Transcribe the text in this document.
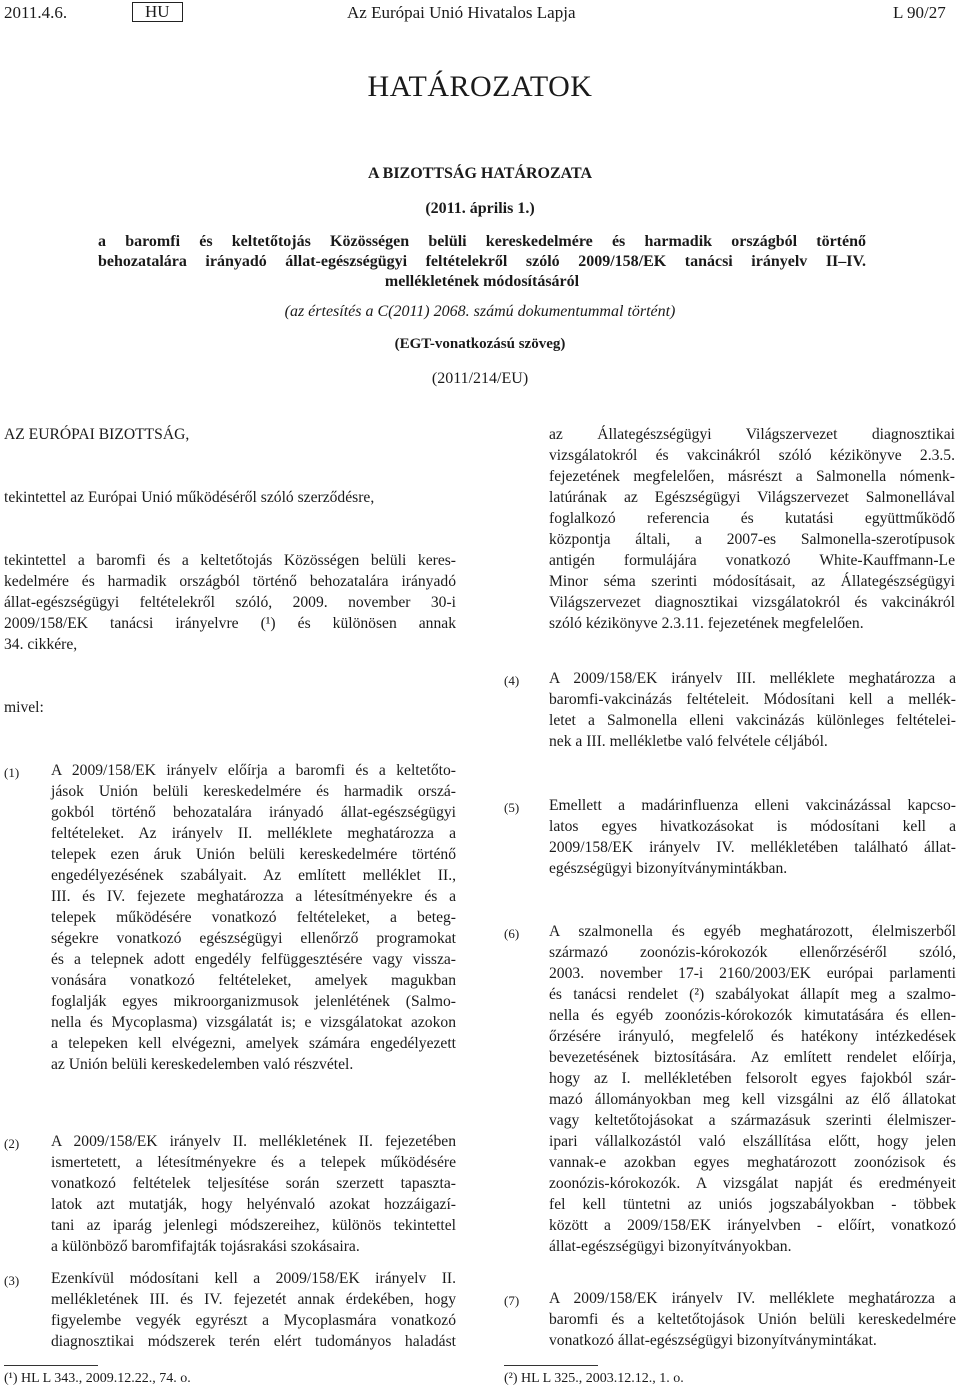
2011.4.6.	HU	Az Európai Unió Hivatalos Lapja	L 90/27
HATÁROZATOK
A BIZOTTSÁG HATÁROZATA
(2011. április 1.)
a baromfi és keltetőtojás Közösségen belüli kereskedelmére és harmadik országból történő
behozatalára irányadó állat-egészségügyi feltételekről szóló 2009/158/EK tanácsi irányelv II–IV.
mellékletének módosításáról
(az értesítés a C(2011) 2068. számú dokumentummal történt)
(EGT-vonatkozású szöveg)
(2011/214/EU)
AZ EURÓPAI BIZOTTSÁG,
tekintettel az Európai Unió működéséről szóló szerződésre,

tekintettel a baromfi és a keltetőtojás Közösségen belüli keres-

kedelmére és harmadik országból történő behozatalára irányadó

állat-egészségügyi feltételekről szóló, 2009. november 30-i

2009/158/EK tanácsi irányelvre (¹) és különösen annak

34. cikkére,

mivel:
(1) A 2009/158/EK irányelv előírja a baromfi és a keltetőto-

jások Unión belüli kereskedelmére és harmadik orszá-

gokból történő behozatalára irányadó állat-egészségügyi

feltételeket. Az irányelv II. melléklete meghatározza a

telepek ezen áruk Unión belüli kereskedelmére történő

engedélyezésének szabályait. Az említett melléklet II.,

III. és IV. fejezete meghatározza a létesítményekre és a

telepek működésére vonatkozó feltételeket, a beteg-

ségekre vonatkozó egészségügyi ellenőrző programokat

és a telepnek adott engedély felfüggesztésére vagy vissza-

vonására vonatkozó feltételeket, amelyek magukban

foglalják egyes mikroorganizmusok jelenlétének (Salmo-

nella és Mycoplasma) vizsgálatát is; e vizsgálatokat azokon

a telepeken kell elvégezni, amelyek számára engedélyezett

az Unión belüli kereskedelemben való részvétel.

(2) A 2009/158/EK irányelv II. mellékletének II. fejezetében

ismertetett, a létesítményekre és a telepek működésére

vonatkozó feltételek teljesítése során szerzett tapaszta-

latok azt mutatják, hogy helyénvaló azokat hozzáigazí-

tani az iparág jelenlegi módszereihez, különös tekintettel

a különböző baromfifajták tojásrakási szokásaira.

(3) Ezenkívül módosítani kell a 2009/158/EK irányelv II.

mellékletének III. és IV. fejezetét annak érdekében, hogy

figyelembe vegyék egyrészt a Mycoplasmára vonatkozó

diagnosztikai módszerek terén elért tudományos haladást

az Állategészségügyi Világszervezet diagnosztikai

vizsgálatokról és vakcinákról szóló kézikönyve 2.3.5.

fejezetének megfelelően, másrészt a Salmonella nómenk-

latúrának az Egészségügyi Világszervezet Salmonellával

foglalkozó referencia és kutatási együttműködő

központja általi, a 2007-es Salmonella-szerotípusok

antigén formulájára vonatkozó White-Kauffmann-Le

Minor séma szerinti módosításait, az Állategészségügyi

Világszervezet diagnosztikai vizsgálatokról és vakcinákról

szóló kézikönyve 2.3.11. fejezetének megfelelően.

(4) A 2009/158/EK irányelv III. melléklete meghatározza a

baromfi-vakcinázás feltételeit. Módosítani kell a mellék-

letet a Salmonella elleni vakcinázás különleges feltételei-

nek a III. mellékletbe való felvétele céljából.

(5) Emellett a madárinfluenza elleni vakcinázással kapcso-

latos egyes hivatkozásokat is módosítani kell a

2009/158/EK irányelv IV. mellékletében található állat-

egészségügyi bizonyítványmintákban.

(6) A szalmonella és egyéb meghatározott, élelmiszerből

származó zoonózis-kórokozók ellenőrzéséről szóló,

2003. november 17-i 2160/2003/EK európai parlamenti

és tanácsi rendelet (²) szabályokat állapít meg a szalmo-

nella és egyéb zoonózis-kórokozók kimutatására és ellen-

őrzésére irányuló, megfelelő és hatékony intézkedések

bevezetésének biztosítására. Az említett rendelet előírja,

hogy az I. mellékletében felsorolt egyes fajokból szár-

mazó állományokban meg kell vizsgálni az élő állatokat

vagy keltetőtojásokat a származásuk szerinti élelmiszer-

ipari vállalkozástól való elszállítása előtt, hogy jelen

vannak-e azokban egyes meghatározott zoonózisok és

zoonózis-kórokozók. A vizsgálat napját és eredményeit

fel kell tüntetni az uniós jogszabályokban - többek

között a 2009/158/EK irányelvben - előírt, vonatkozó

állat-egészségügyi bizonyítványokban.

(7) A 2009/158/EK irányelv IV. melléklete meghatározza a

baromfi és a keltetőtojások Unión belüli kereskedelmére

vonatkozó állat-egészségügyi bizonyítványmintákat.

(¹) HL L 343., 2009.12.22., 74. o.	(²) HL L 325., 2003.12.12., 1. o.
